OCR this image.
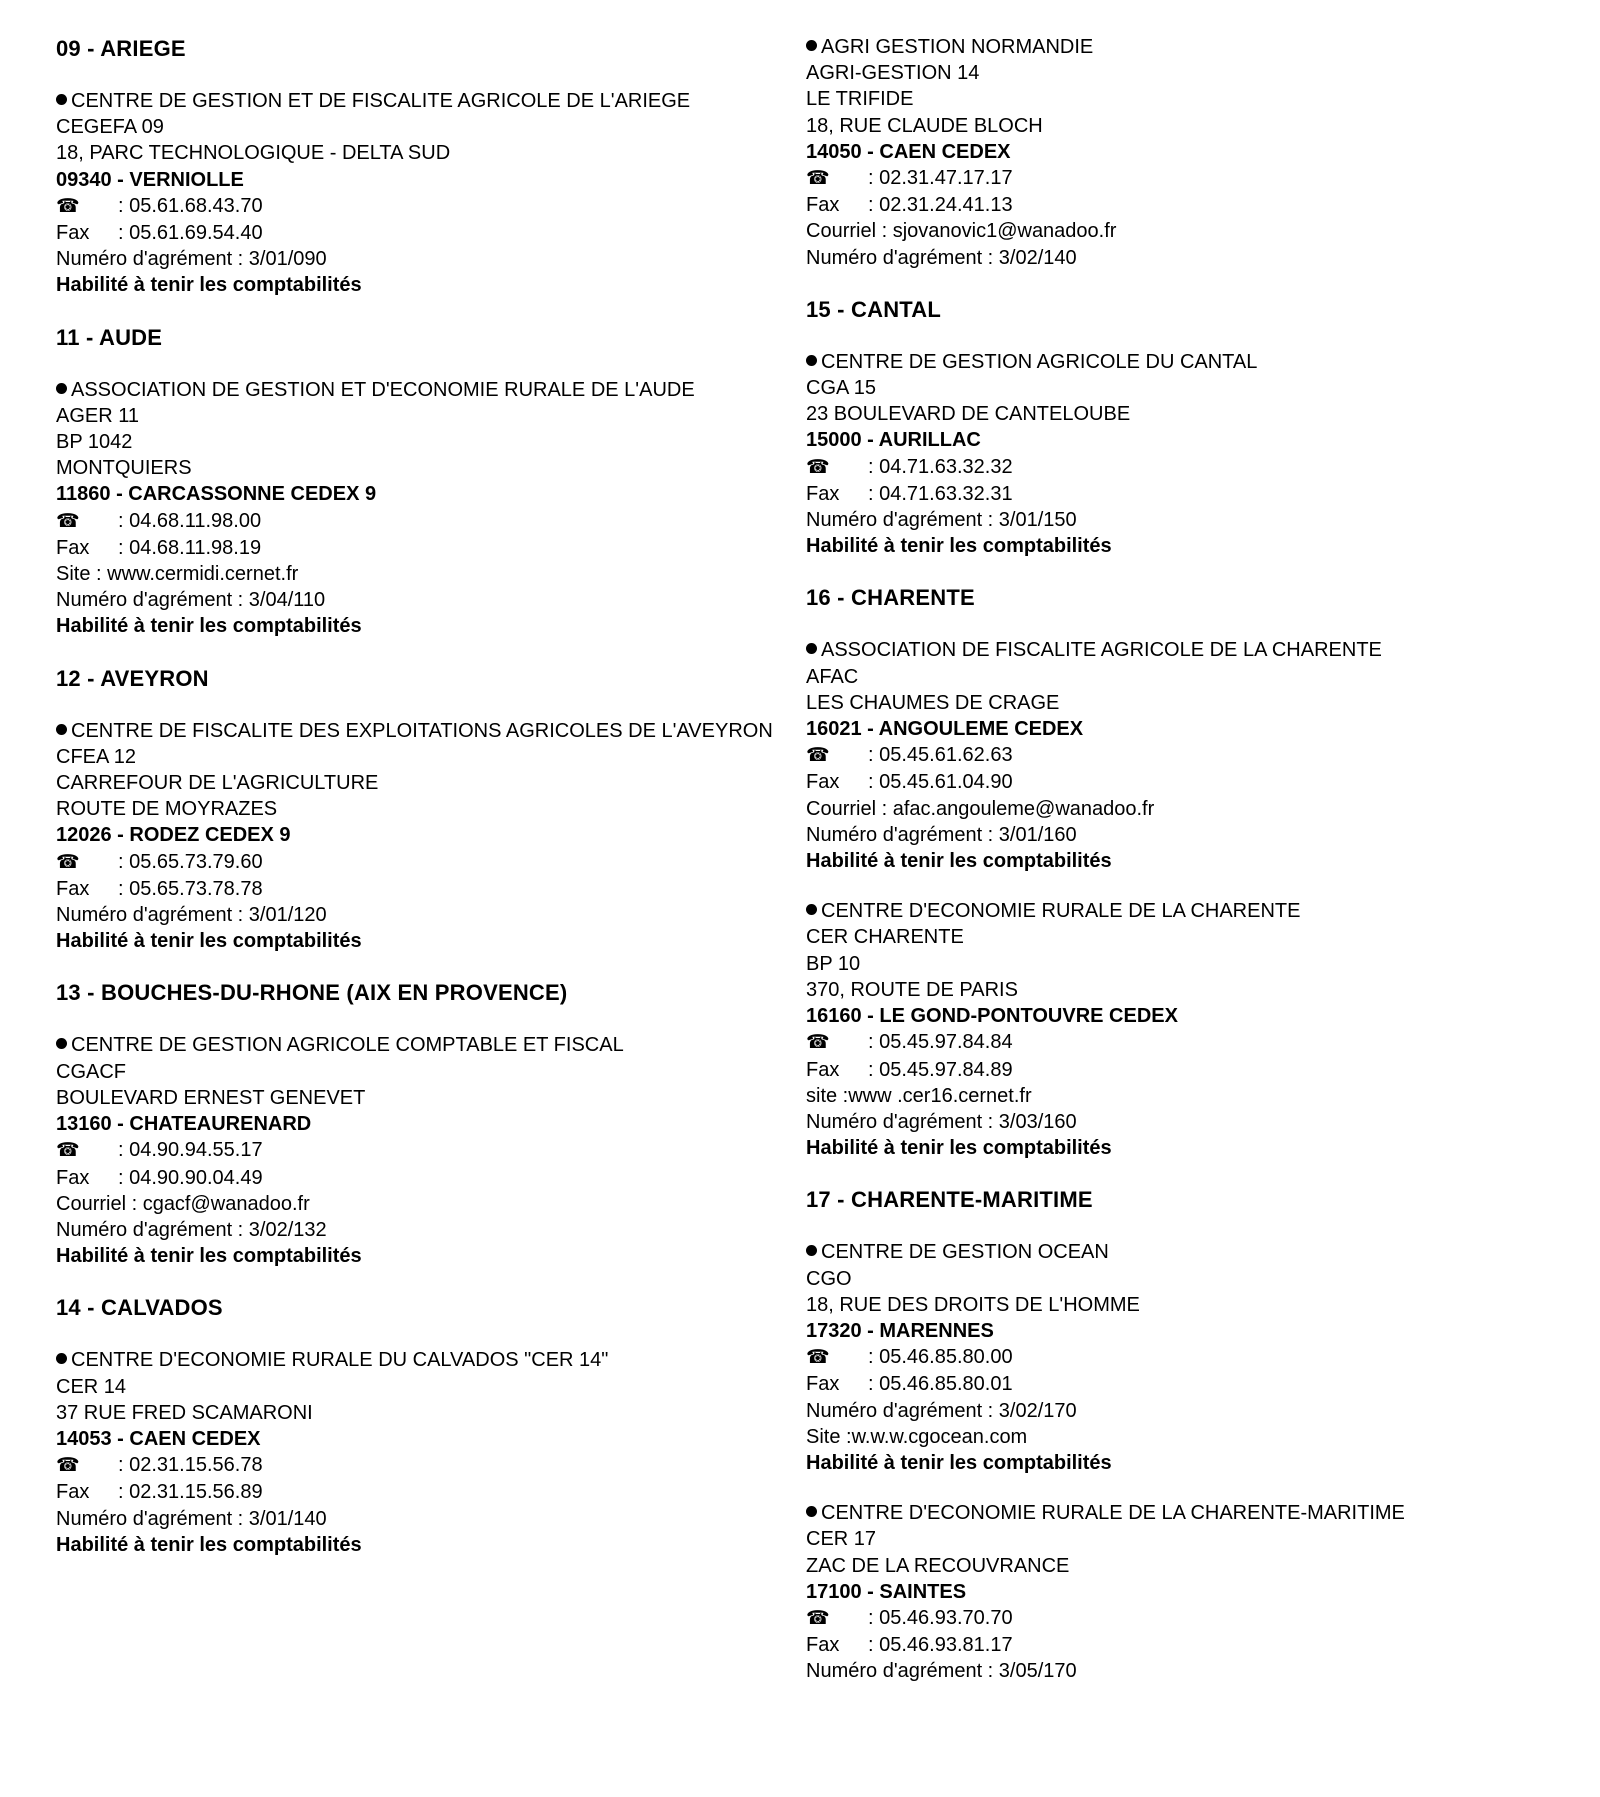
09 - ARIEGE
CENTRE DE GESTION ET DE FISCALITE AGRICOLE DE L'ARIEGE
CEGEFA 09
18, PARC TECHNOLOGIQUE - DELTA SUD
09340 - VERNIOLLE
☎ : 05.61.68.43.70
Fax : 05.61.69.54.40
Numéro d'agrément : 3/01/090
Habilité à tenir les comptabilités
11 - AUDE
ASSOCIATION DE GESTION ET D'ECONOMIE RURALE DE L'AUDE
AGER 11
BP 1042
MONTQUIERS
11860 - CARCASSONNE CEDEX 9
☎ : 04.68.11.98.00
Fax : 04.68.11.98.19
Site : www.cermidi.cernet.fr
Numéro d'agrément : 3/04/110
Habilité à tenir les comptabilités
12 - AVEYRON
CENTRE DE FISCALITE DES EXPLOITATIONS AGRICOLES DE L'AVEYRON
CFEA 12
CARREFOUR DE L'AGRICULTURE
ROUTE DE MOYRAZES
12026 - RODEZ CEDEX 9
☎ : 05.65.73.79.60
Fax : 05.65.73.78.78
Numéro d'agrément : 3/01/120
Habilité à tenir les comptabilités
13 - BOUCHES-DU-RHONE (AIX EN PROVENCE)
CENTRE DE GESTION AGRICOLE COMPTABLE ET FISCAL
CGACF
BOULEVARD ERNEST GENEVET
13160 - CHATEAURENARD
☎ : 04.90.94.55.17
Fax : 04.90.90.04.49
Courriel : cgacf@wanadoo.fr
Numéro d'agrément : 3/02/132
Habilité à tenir les comptabilités
14 - CALVADOS
CENTRE D'ECONOMIE RURALE DU CALVADOS "CER 14"
CER 14
37 RUE FRED SCAMARONI
14053 - CAEN CEDEX
☎ : 02.31.15.56.78
Fax : 02.31.15.56.89
Numéro d'agrément : 3/01/140
Habilité à tenir les comptabilités
AGRI GESTION NORMANDIE
AGRI-GESTION 14
LE TRIFIDE
18, RUE CLAUDE BLOCH
14050 - CAEN CEDEX
☎ : 02.31.47.17.17
Fax : 02.31.24.41.13
Courriel : sjovanovic1@wanadoo.fr
Numéro d'agrément : 3/02/140
15 - CANTAL
CENTRE DE GESTION AGRICOLE DU CANTAL
CGA 15
23 BOULEVARD DE CANTELOUBE
15000 - AURILLAC
☎ : 04.71.63.32.32
Fax : 04.71.63.32.31
Numéro d'agrément : 3/01/150
Habilité à tenir les comptabilités
16 - CHARENTE
ASSOCIATION DE FISCALITE AGRICOLE DE LA CHARENTE
AFAC
LES CHAUMES DE CRAGE
16021 - ANGOULEME CEDEX
☎ : 05.45.61.62.63
Fax : 05.45.61.04.90
Courriel : afac.angouleme@wanadoo.fr
Numéro d'agrément : 3/01/160
Habilité à tenir les comptabilités
CENTRE D'ECONOMIE RURALE DE LA CHARENTE
CER CHARENTE
BP 10
370, ROUTE DE PARIS
16160 - LE GOND-PONTOUVRE CEDEX
☎ : 05.45.97.84.84
Fax : 05.45.97.84.89
site :www .cer16.cernet.fr
Numéro d'agrément : 3/03/160
Habilité à tenir les comptabilités
17 - CHARENTE-MARITIME
CENTRE DE GESTION OCEAN
CGO
18, RUE DES DROITS DE L'HOMME
17320 - MARENNES
☎ : 05.46.85.80.00
Fax : 05.46.85.80.01
Numéro d'agrément : 3/02/170
Site :w.w.w.cgocean.com
Habilité à tenir les comptabilités
CENTRE D'ECONOMIE RURALE DE LA CHARENTE-MARITIME
CER 17
ZAC DE LA RECOUVRANCE
17100 - SAINTES
☎ : 05.46.93.70.70
Fax : 05.46.93.81.17
Numéro d'agrément : 3/05/170
